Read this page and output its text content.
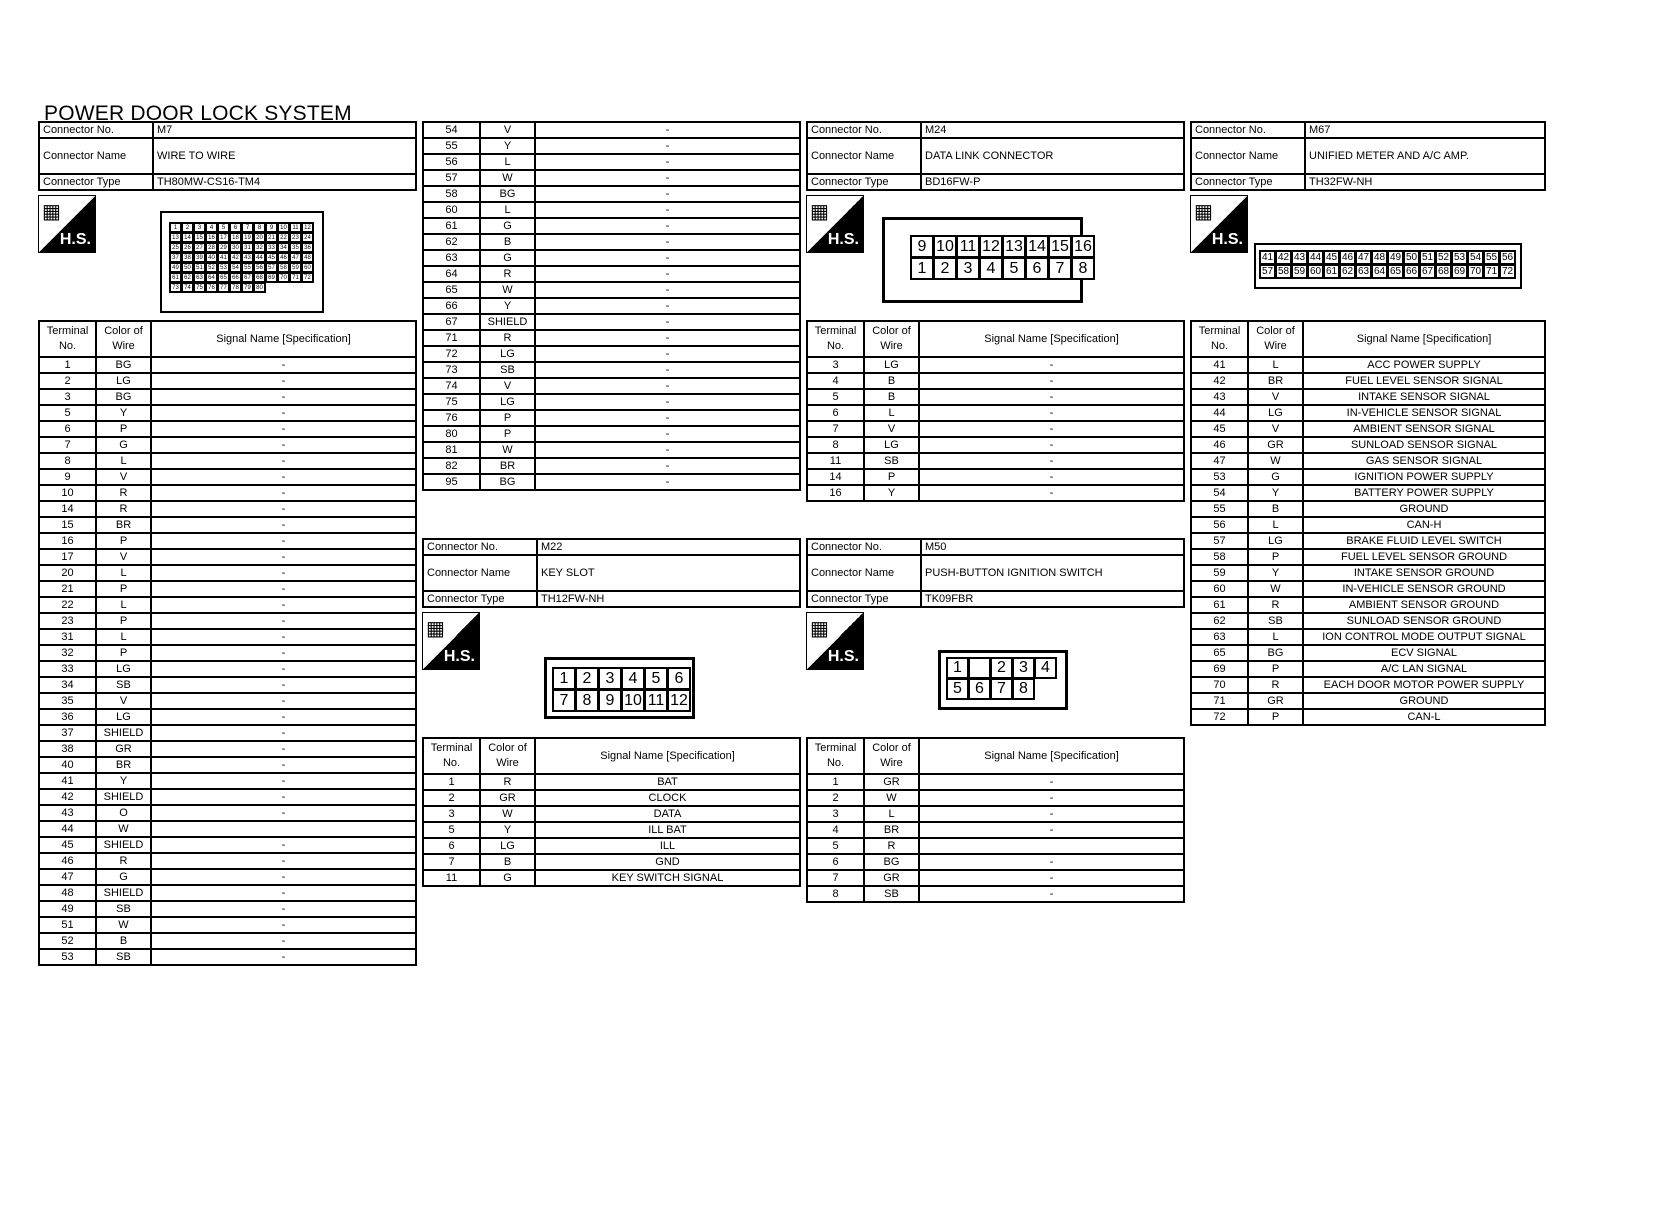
POWER DOOR LOCK SYSTEM
Connector No.	M7
Connector Name	WIRE TO WIRE
Connector Type	TH80MW-CS16-TM4
▦
H.S.
1	2	3	4	5	6	7	8	9	10 11 12
13 14 15 16 17 18 19 20 21 22 23 24
25 26 27 28 29 30 31 32 33 34 35 36
37 38 39 40 41 42 43 44 45 46 47 48
49 50 51 52 53 54 55 56 57 58 59 60
61 62 63 64 65 66 67 68 69 70 71 72
73 74 75 76 77 78 79 80
Terminal No.	Color of Wire	Signal Name [Specification]
1	BG	-
2	LG	-
3	BG	-
5	Y	-
6	P	-
7	G	-
8	L	-
9	V	-
10	R	-
14	R	-
15	BR	-
16	P	-
17	V	-
20	L	-
21	P	-
22	L	-
23	P	-
31	L	-
32	P	-
33	LG	-
34	SB	-
35	V	-
36	LG	-
37	SHIELD	-
38	GR	-
40	BR	-
41	Y	-
42	SHIELD	-
43	O	-
44	W	
45	SHIELD	-
46	R	-
47	G	-
48	SHIELD	-
49	SB	-
51	W	-
52	B	-
53	SB	-
54	V	-
55	Y	-
56	L	-
57	W	-
58	BG	-
60	L	-
61	G	-
62	B	-
63	G	-
64	R	-
65	W	-
66	Y	-
67	SHIELD	-
71	R	-
72	LG	-
73	SB	-
74	V	-
75	LG	-
76	P	-
80	P	-
81	W	-
82	BR	-
95	BG	-
Connector No.	M22
Connector Name	KEY SLOT
Connector Type	TH12FW-NH
▦
H.S.
1 2 3 4 5 6
7 8 9 10 11 12
Terminal No.	Color of Wire	Signal Name [Specification]
1	R	BAT
2	GR	CLOCK
3	W	DATA
5	Y	ILL BAT
6	LG	ILL
7	B	GND
11	G	KEY SWITCH SIGNAL
Connector No.	M24
Connector Name	DATA LINK CONNECTOR
Connector Type	BD16FW-P
▦
H.S.	9 10 11 12 13 14 15 16
1 2 3 4 5 6 7 8
Terminal No.	Color of Wire	Signal Name [Specification]
3	LG	-
4	B	-
5	B	-
6	L	-
7	V	-
8	LG	-
11	SB	-
14	P	-
16	Y	-
Connector No.	M50
Connector Name	PUSH-BUTTON IGNITION SWITCH
Connector Type	TK09FBR
▦
H.S.
1	2 3 4
5 6 7 8
Terminal No.	Color of Wire	Signal Name [Specification]
1	GR	-
2	W	-
3	L	-
4	BR	-
5	R	
6	BG	-
7	GR	-
8	SB	-
Connector No.	M67
Connector Name	UNIFIED METER AND A/C AMP.
Connector Type	TH32FW-NH
▦
H.S.
41 42 43 44 45 46 47 48 49 50 51 52 53 54 55 56
57 58 59 60 61 62 63 64 65 66 67 68 69 70 71 72
Terminal No.	Color of Wire	Signal Name [Specification]
41	L	ACC POWER SUPPLY
42	BR	FUEL LEVEL SENSOR SIGNAL
43	V	INTAKE SENSOR SIGNAL
44	LG	IN-VEHICLE SENSOR SIGNAL
45	V	AMBIENT SENSOR SIGNAL
46	GR	SUNLOAD SENSOR SIGNAL
47	W	GAS SENSOR SIGNAL
53	G	IGNITION POWER SUPPLY
54	Y	BATTERY POWER SUPPLY
55	B	GROUND
56	L	CAN-H
57	LG	BRAKE FLUID LEVEL SWITCH
58	P	FUEL LEVEL SENSOR GROUND
59	Y	INTAKE SENSOR GROUND
60	W	IN-VEHICLE SENSOR GROUND
61	R	AMBIENT SENSOR GROUND
62	SB	SUNLOAD SENSOR GROUND
63	L	ION CONTROL MODE OUTPUT SIGNAL
65	BG	ECV SIGNAL
69	P	A/C LAN SIGNAL
70	R	EACH DOOR MOTOR POWER SUPPLY
71	GR	GROUND
72	P	CAN-L
